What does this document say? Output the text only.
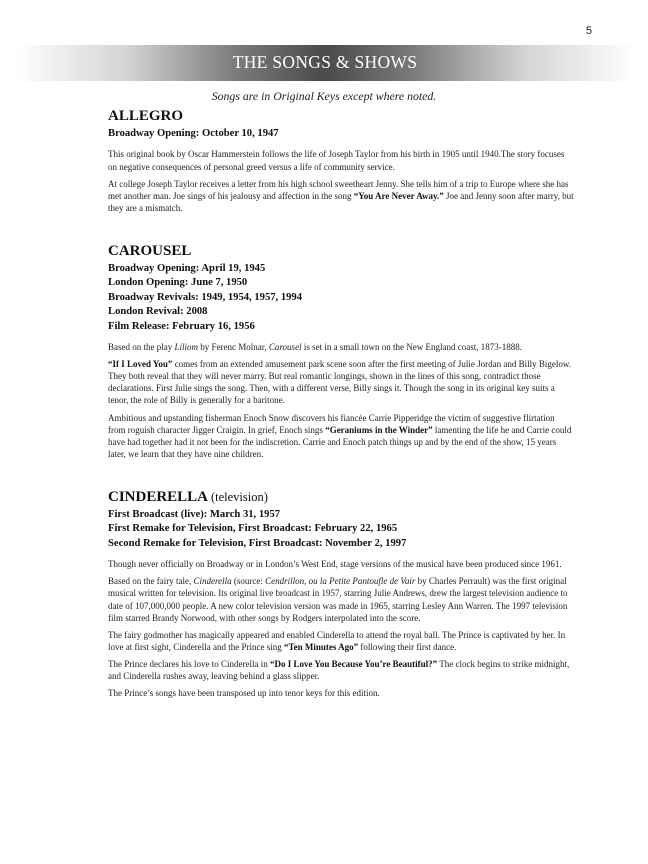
5
THE SONGS & SHOWS
Songs are in Original Keys except where noted.
ALLEGRO
Broadway Opening: October 10, 1947

This original book by Oscar Hammerstein follows the life of Joseph Taylor from his birth in 1905 until 1940.The story focuses on negative consequences of personal greed versus a life of community service.

At college Joseph Taylor receives a letter from his high school sweetheart Jenny. She tells him of a trip to Europe where she has met another man. Joe sings of his jealousy and affection in the song “You Are Never Away.” Joe and Jenny soon after marry, but they are a mismatch.

CAROUSEL
Broadway Opening: April 19, 1945
London Opening: June 7, 1950
Broadway Revivals: 1949, 1954, 1957, 1994
London Revival: 2008
Film Release: February 16, 1956

Based on the play Liliom by Ferenc Molnar, Carousel is set in a small town on the New England coast, 1873-1888.

“If I Loved You” comes from an extended amusement park scene soon after the first meeting of Julie Jordan and Billy Bigelow. They both reveal that they will never marry. But real romantic longings, shown in the lines of this song, contradict those declarations. First Julie sings the song. Then, with a different verse, Billy sings it. Though the song in its original key suits a tenor, the role of Billy is generally for a baritone.

Ambitious and upstanding fisherman Enoch Snow discovers his fiancée Carrie Pipperidge the victim of suggestive flirtation from roguish character Jigger Craigin. In grief, Enoch sings “Geraniums in the Winder” lamenting the life he and Carrie could have had together had it not been for the indiscretion. Carrie and Enoch patch things up and by the end of the show, 15 years later, we learn that they have nine children.

CINDERELLA (television)
First Broadcast (live): March 31, 1957
First Remake for Television, First Broadcast: February 22, 1965
Second Remake for Television, First Broadcast: November 2, 1997

Though never officially on Broadway or in London’s West End, stage versions of the musical have been produced since 1961.

Based on the fairy tale, Cinderella (source: Cendrillon, ou la Petite Pantoufle de Vair by Charles Perrault) was the first original musical written for television. Its original live broadcast in 1957, starring Julie Andrews, drew the largest television audience to date of 107,000,000 people. A new color television version was made in 1965, starring Lesley Ann Warren. The 1997 television film starred Brandy Norwood, with other songs by Rodgers interpolated into the score.

The fairy godmother has magically appeared and enabled Cinderella to attend the royal ball. The Prince is captivated by her. In love at first sight, Cinderella and the Prince sing “Ten Minutes Ago” following their first dance.

The Prince declares his love to Cinderella in “Do I Love You Because You’re Beautiful?” The clock begins to strike midnight, and Cinderella rushes away, leaving behind a glass slipper.

The Prince’s songs have been transposed up into tenor keys for this edition.
